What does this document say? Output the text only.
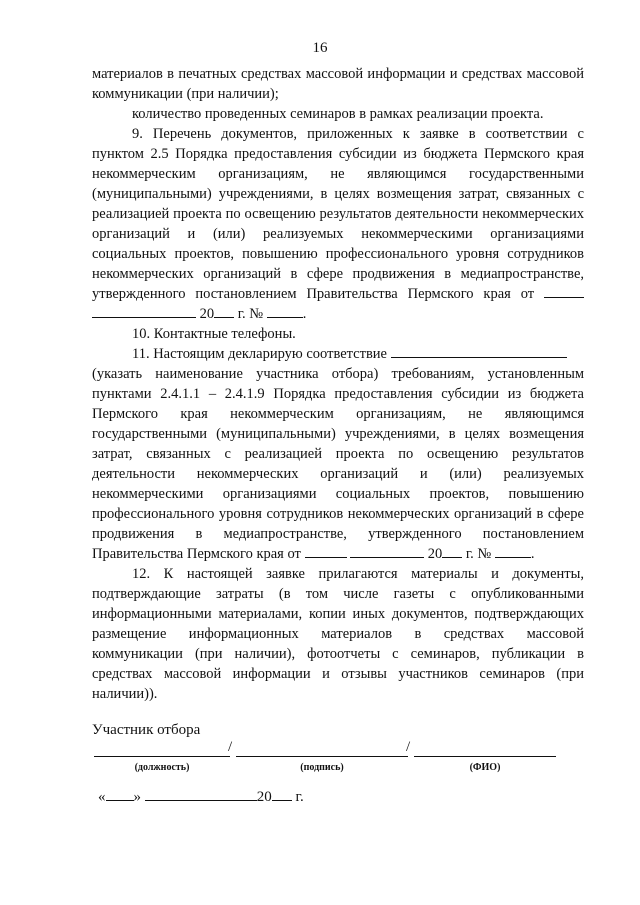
16

материалов в печатных средствах массовой информации и средствах массовой коммуникации (при наличии);

количество проведенных семинаров в рамках реализации проекта.

9. Перечень документов, приложенных к заявке в соответствии с пунктом 2.5 Порядка предоставления субсидии из бюджета Пермского края некоммерческим организациям, не являющимся государственными (муниципальными) учреждениями, в целях возмещения затрат, связанных с реализацией проекта по освещению результатов деятельности некоммерческих организаций и (или) реализуемых некоммерческими организациями социальных проектов, повышению профессионального уровня сотрудников некоммерческих организаций в сфере продвижения в медиапространстве, утвержденного постановлением Правительства Пермского края от   20 г. №	.

10. Контактные телефоны.

11. Настоящим декларирую соответствие

(указать наименование участника отбора) требованиям, установленным пунктами 2.4.1.1 – 2.4.1.9 Порядка предоставления субсидии из бюджета Пермского края некоммерческим организациям, не являющимся государственными (муниципальными) учреждениями, в целях возмещения затрат, связанных с реализацией проекта по освещению результатов деятельности некоммерческих организаций и (или) реализуемых некоммерческими организациями социальных проектов, повышению профессионального уровня сотрудников некоммерческих организаций в сфере продвижения в медиапространстве, утвержденного постановлением Правительства Пермского края от	20 г. №	.

12. К настоящей заявке прилагаются материалы и документы, подтверждающие затраты (в том числе газеты с опубликованными информационными материалами, копии иных документов, подтверждающих размещение информационных материалов в средствах массовой коммуникации (при наличии), фотоотчеты с семинаров, публикации в средствах массовой информации и отзывы участников семинаров (при наличии)).

Участник отбора
/	/
(должность)	(подпись)	(ФИО)
« »	20 г.
